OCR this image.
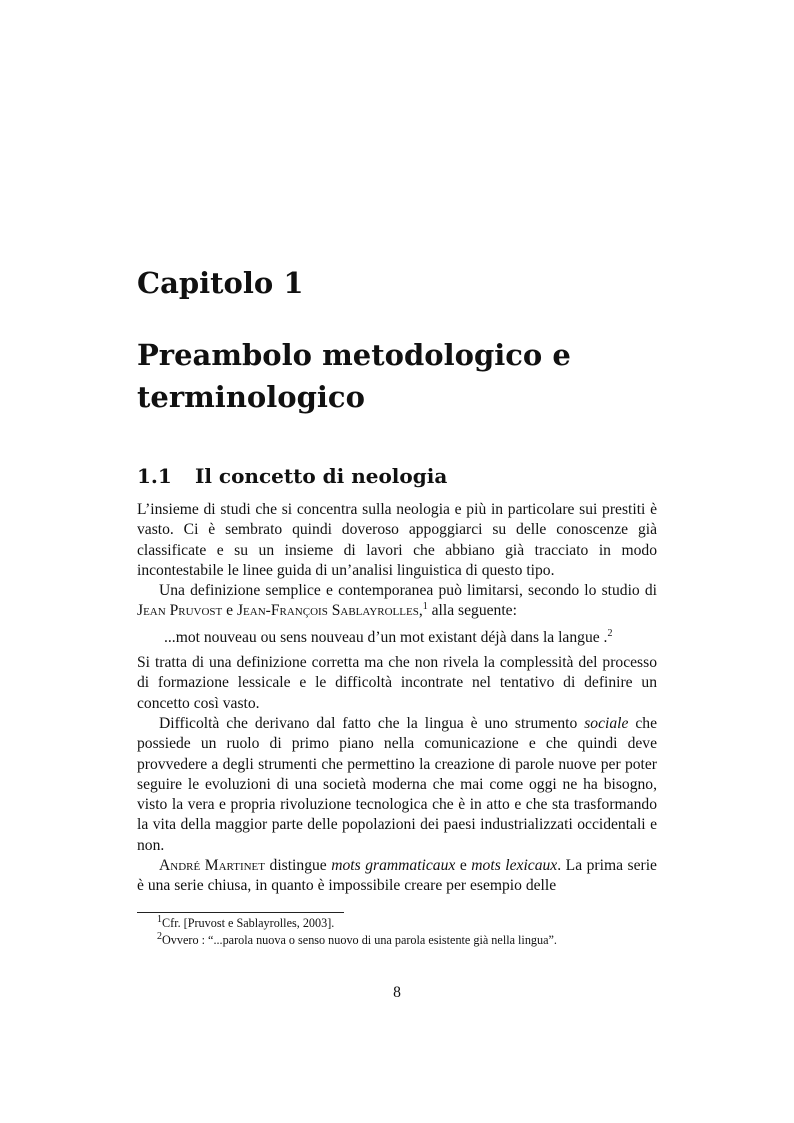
Capitolo 1
Preambolo metodologico e terminologico
1.1 Il concetto di neologia

L’insieme di studi che si concentra sulla neologia e più in particolare sui prestiti è vasto. Ci è sembrato quindi doveroso appoggiarci su delle conoscenze già classificate e su un insieme di lavori che abbiano già tracciato in modo incontestabile le linee guida di un’analisi linguistica di questo tipo.

Una definizione semplice e contemporanea può limitarsi, secondo lo studio di Jean Pruvost e Jean-François Sablayrolles,$^1$ alla seguente:

...mot nouveau ou sens nouveau d’un mot existant déjà dans la langue .$^2$

Si tratta di una definizione corretta ma che non rivela la complessità del processo di formazione lessicale e le difficoltà incontrate nel tentativo di definire un concetto così vasto.

Difficoltà che derivano dal fatto che la lingua è uno strumento sociale che possiede un ruolo di primo piano nella comunicazione e che quindi deve provvedere a degli strumenti che permettino la creazione di parole nuove per poter seguire le evoluzioni di una società moderna che mai come oggi ne ha bisogno, visto la vera e propria rivoluzione tecnologica che è in atto e che sta trasformando la vita della maggior parte delle popolazioni dei paesi industrializzati occidentali e non.

André Martinet distingue mots grammaticaux e mots lexicaux. La prima serie è una serie chiusa, in quanto è impossibile creare per esempio delle

$^1$Cfr. [Pruvost e Sablayrolles, 2003].

$^2$Ovvero : “...parola nuova o senso nuovo di una parola esistente già nella lingua”.

8
